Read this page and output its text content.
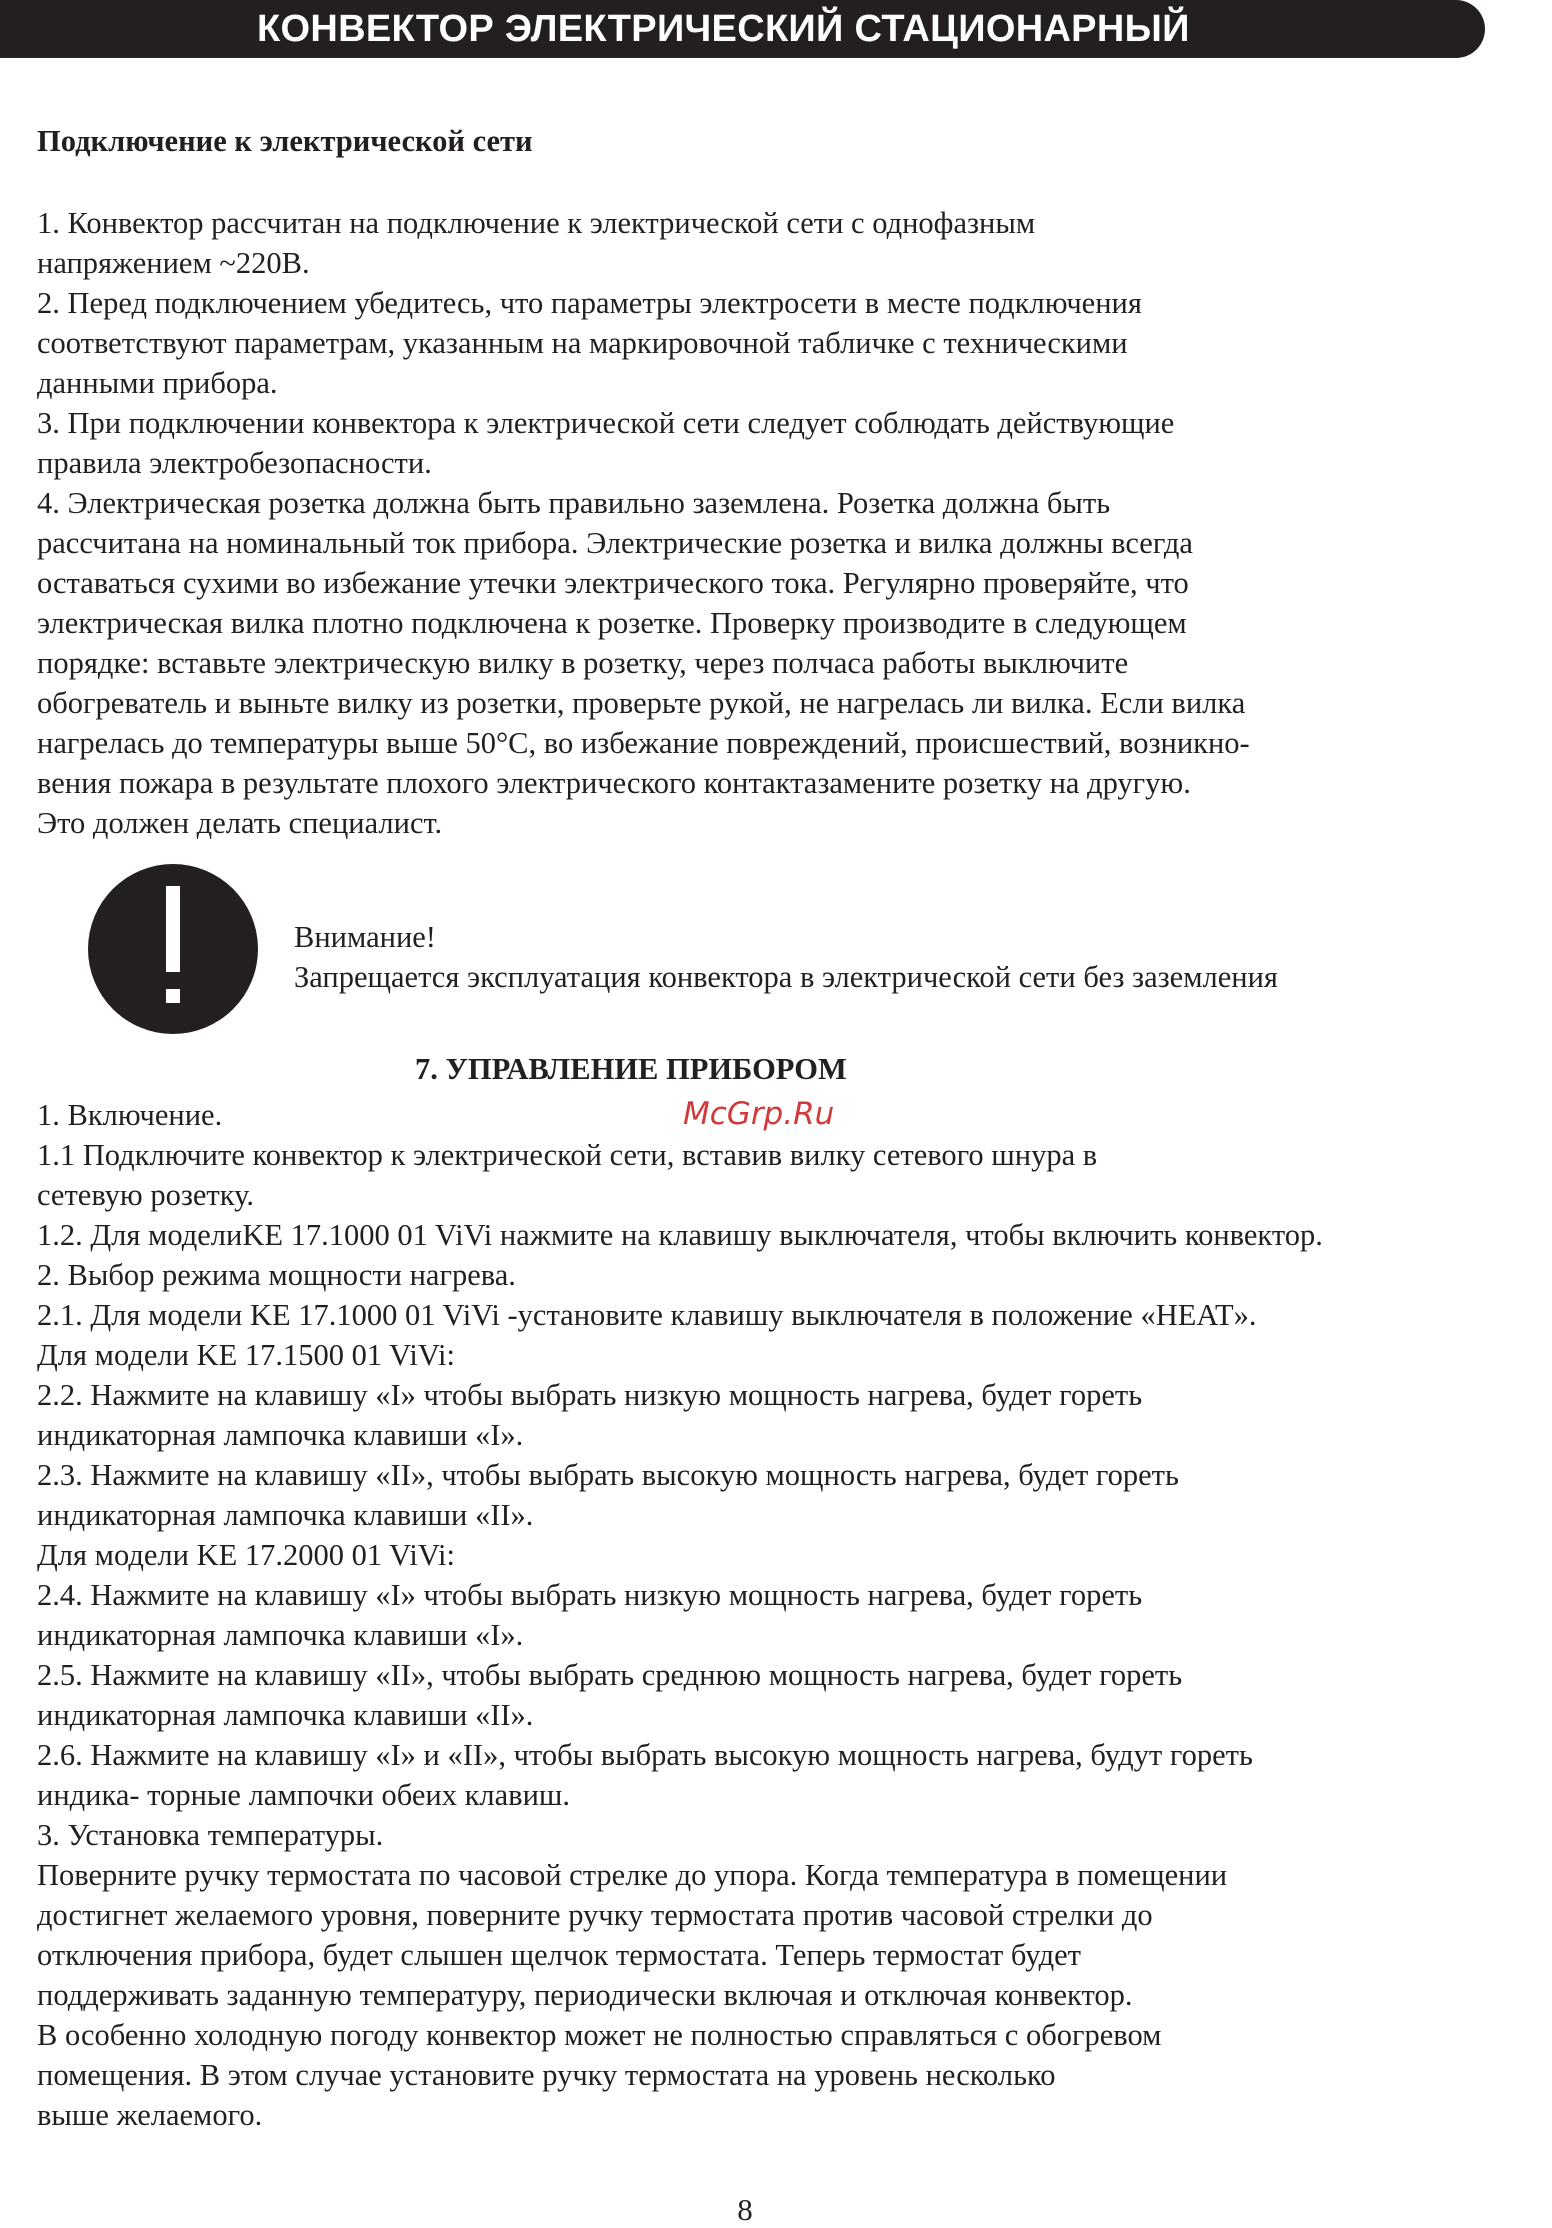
КОНВЕКТОР ЭЛЕКТРИЧЕСКИЙ СТАЦИОНАРНЫЙ
Подключение к электрической сети
1. Конвектор рассчитан на подключение к электрической сети с однофазным
напряжением ~220В.
2. Перед подключением убедитесь, что параметры электросети в месте подключения
соответствуют параметрам, указанным на маркировочной табличке с техническими
данными прибора.
3. При подключении конвектора к электрической сети следует соблюдать действующие
правила электробезопасности.
4. Электрическая розетка должна быть правильно заземлена. Розетка должна быть
рассчитана на номинальный ток прибора. Электрические розетка и вилка должны всегда
оставаться сухими во избежание утечки электрического тока. Регулярно проверяйте, что
электрическая вилка плотно подключена к розетке. Проверку производите в следующем
порядке: вставьте электрическую вилку в розетку, через полчаса работы выключите
обогреватель и выньте вилку из розетки, проверьте рукой, не нагрелась ли вилка. Если вилка
нагрелась до температуры выше 50°С, во избежание повреждений, происшествий, возникно-
вения пожара в результате плохого электрического контактазамените розетку на другую.
Это должен делать специалист.
Внимание!
Запрещается эксплуатация конвектора в электрической сети без заземления
7. УПРАВЛЕНИЕ ПРИБОРОМ
McGrp.Ru
1. Включение.
1.1 Подключите конвектор к электрической сети, вставив вилку сетевого шнура в
сетевую розетку.
1.2. Для моделиKE 17.1000 01 ViVi нажмите на клавишу выключателя, чтобы включить конвектор.
2. Выбор режима мощности нагрева.
2.1. Для модели KE 17.1000 01 ViVi -установите клавишу выключателя в положение «HEAT».
Для модели KE 17.1500 01 ViVi:
2.2. Нажмите на клавишу «I» чтобы выбрать низкую мощность нагрева, будет гореть
индикаторная лампочка клавиши «I».
2.3. Нажмите на клавишу «II», чтобы выбрать высокую мощность нагрева, будет гореть
индикаторная лампочка клавиши «II».
Для модели KE 17.2000 01 ViVi:
2.4. Нажмите на клавишу «I» чтобы выбрать низкую мощность нагрева, будет гореть
индикаторная лампочка клавиши «I».
2.5. Нажмите на клавишу «II», чтобы выбрать среднюю мощность нагрева, будет гореть
индикаторная лампочка клавиши «II».
2.6. Нажмите на клавишу «I» и «II», чтобы выбрать высокую мощность нагрева, будут гореть
индика- торные лампочки обеих клавиш.
3. Установка температуры.
Поверните ручку термостата по часовой стрелке до упора. Когда температура в помещении
достигнет желаемого уровня, поверните ручку термостата против часовой стрелки до
отключения прибора, будет слышен щелчок термостата. Теперь термостат будет
поддерживать заданную температуру, периодически включая и отключая конвектор.
В особенно холодную погоду конвектор может не полностью справляться с обогревом
помещения. В этом случае установите ручку термостата на уровень несколько
выше желаемого.
8
